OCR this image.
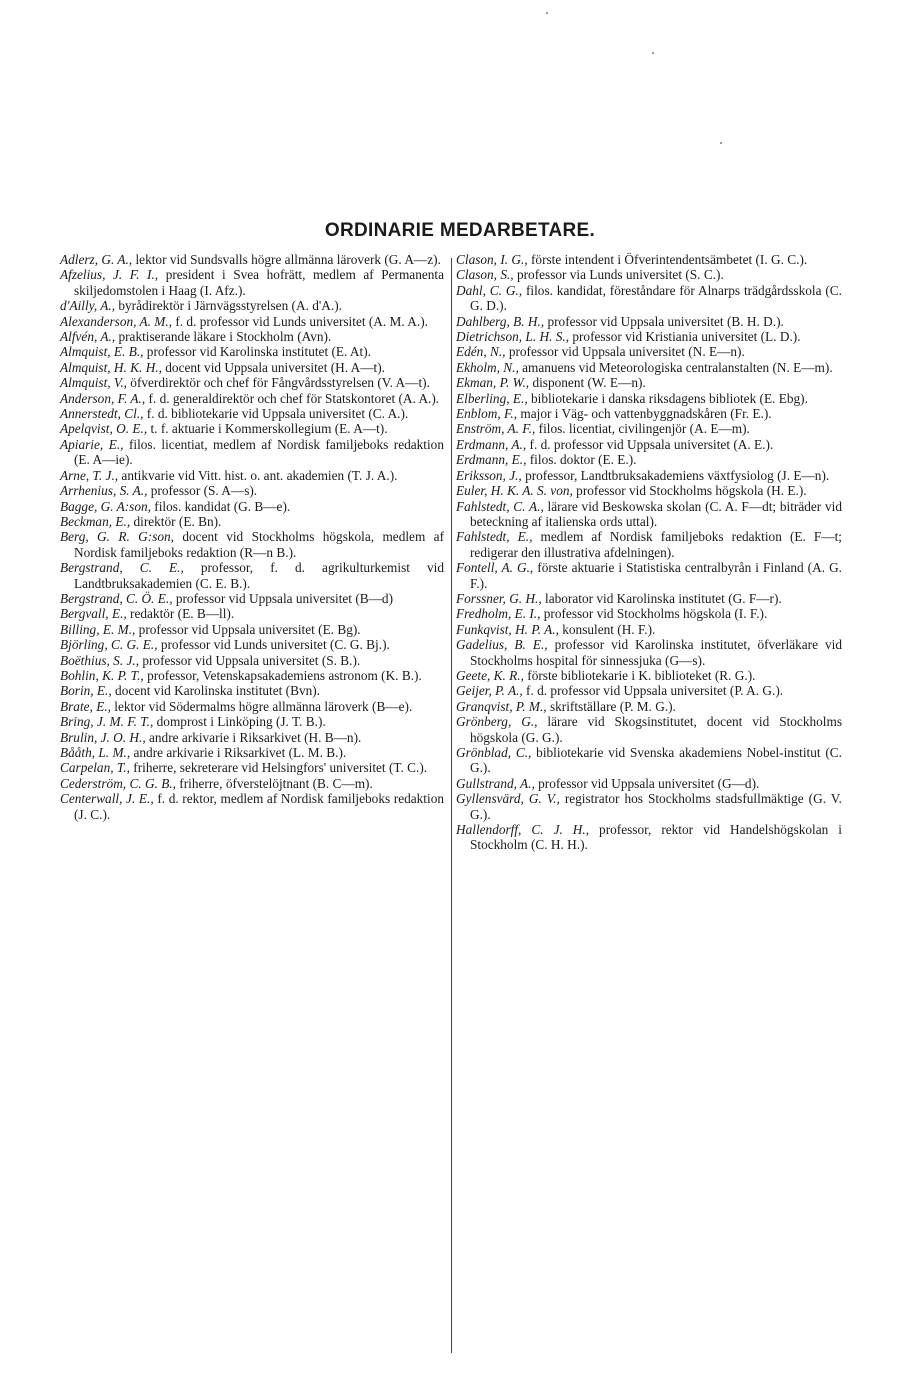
ORDINARIE MEDARBETARE.

Adlerz, G. A., lektor vid Sundsvalls högre allmänna läroverk (G. A—z).

Afzelius, J. F. I., president i Svea hofrätt, medlem af Permanenta skiljedomstolen i Haag (I. Afz.).

d'Ailly, A., byrådirektör i Järnvägsstyrelsen (A. d'A.).

Alexanderson, A. M., f. d. professor vid Lunds universitet (A. M. A.).

Alfvén, A., praktiserande läkare i Stockholm (Avn).

Almquist, E. B., professor vid Karolinska institutet (E. At).

Almquist, H. K. H., docent vid Uppsala universitet (H. A—t).

Almquist, V., öfverdirektör och chef för Fångvårdsstyrelsen (V. A—t).

Anderson, F. A., f. d. generaldirektör och chef för Statskontoret (A. A.).

Annerstedt, Cl., f. d. bibliotekarie vid Uppsala universitet (C. A.).

Apelqvist, O. E., t. f. aktuarie i Kommerskollegium (E. A—t).

Apiarie, E., filos. licentiat, medlem af Nordisk familjeboks redaktion (E. A—ie).

Arne, T. J., antikvarie vid Vitt. hist. o. ant. akademien (T. J. A.).

Arrhenius, S. A., professor (S. A—s).

Bagge, G. A:son, filos. kandidat (G. B—e).

Beckman, E., direktör (E. Bn).

Berg, G. R. G:son, docent vid Stockholms högskola, medlem af Nordisk familjeboks redaktion (R—n B.).

Bergstrand, C. E., professor, f. d. agrikulturkemist vid Landtbruksakademien (C. E. B.).

Bergstrand, C. Ö. E., professor vid Uppsala universitet (B—d)

Bergvall, E., redaktör (E. B—ll).

Billing, E. M., professor vid Uppsala universitet (E. Bg).

Björling, C. G. E., professor vid Lunds universitet (C. G. Bj.).

Boëthius, S. J., professor vid Uppsala universitet (S. B.).

Bohlin, K. P. T., professor, Vetenskapsakademiens astronom (K. B.).

Borin, E., docent vid Karolinska institutet (Bvn).

Brate, E., lektor vid Södermalms högre allmänna läroverk (B—e).

Bring, J. M. F. T., domprost i Linköping (J. T. B.).

Brulin, J. O. H., andre arkivarie i Riksarkivet (H. B—n).

Bååth, L. M., andre arkivarie i Riksarkivet (L. M. B.).

Carpelan, T., friherre, sekreterare vid Helsingfors' universitet (T. C.).

Cederström, C. G. B., friherre, öfverstelöjtnant (B. C—m).

Centerwall, J. E., f. d. rektor, medlem af Nordisk familjeboks redaktion (J. C.).

Clason, I. G., förste intendent i Öfverintendentsämbetet (I. G. C.).

Clason, S., professor via Lunds universitet (S. C.).

Dahl, C. G., filos. kandidat, föreståndare för Alnarps trädgårdsskola (C. G. D.).

Dahlberg, B. H., professor vid Uppsala universitet (B. H. D.).

Dietrichson, L. H. S., professor vid Kristiania universitet (L. D.).

Edén, N., professor vid Uppsala universitet (N. E—n).

Ekholm, N., amanuens vid Meteorologiska centralanstalten (N. E—m).

Ekman, P. W., disponent (W. E—n).

Elberling, E., bibliotekarie i danska riksdagens bibliotek (E. Ebg).

Enblom, F., major i Väg- och vattenbyggnadskåren (Fr. E.).

Enström, A. F., filos. licentiat, civilingenjör (A. E—m).

Erdmann, A., f. d. professor vid Uppsala universitet (A. E.).

Erdmann, E., filos. doktor (E. E.).

Eriksson, J., professor, Landtbruksakademiens växtfysiolog (J. E—n).

Euler, H. K. A. S. von, professor vid Stockholms högskola (H. E.).

Fahlstedt, C. A., lärare vid Beskowska skolan (C. A. F—dt; biträder vid beteckning af italienska ords uttal).

Fahlstedt, E., medlem af Nordisk familjeboks redaktion (E. F—t; redigerar den illustrativa afdelningen).

Fontell, A. G., förste aktuarie i Statistiska centralbyrån i Finland (A. G. F.).

Forssner, G. H., laborator vid Karolinska institutet (G. F—r).

Fredholm, E. I., professor vid Stockholms högskola (I. F.).

Funkqvist, H. P. A., konsulent (H. F.).

Gadelius, B. E., professor vid Karolinska institutet, öfverläkare vid Stockholms hospital för sinnessjuka (G—s).

Geete, K. R., förste bibliotekarie i K. biblioteket (R. G.).

Geijer, P. A., f. d. professor vid Uppsala universitet (P. A. G.).

Granqvist, P. M., skriftställare (P. M. G.).

Grönberg, G., lärare vid Skogsinstitutet, docent vid Stockholms högskola (G. G.).

Grönblad, C., bibliotekarie vid Svenska akademiens Nobel-institut (C. G.).

Gullstrand, A., professor vid Uppsala universitet (G—d).

Gyllensvärd, G. V., registrator hos Stockholms stadsfullmäktige (G. V. G.).

Hallendorff, C. J. H., professor, rektor vid Handelshögskolan i Stockholm (C. H. H.).
